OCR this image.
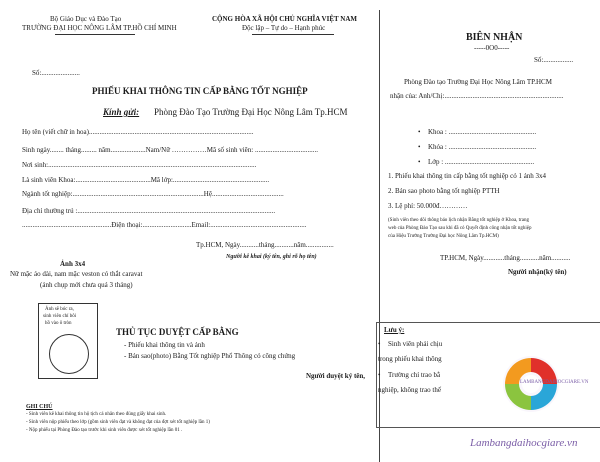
Bộ Giáo Dục và Đào Tạo
TRƯỜNG ĐẠI HỌC NÔNG LÂM TP.HỒ CHÍ MINH
CỘNG HÒA XÃ HỘI CHỦ NGHĨA VIỆT NAM
Độc lập – Tự do – Hạnh phúc
Số:......................
PHIẾU KHAI THÔNG TIN CẤP BẰNG TỐT NGHIỆP
Kính gửi: Phòng Đào Tạo Trường Đại Học Nông Lâm Tp.HCM
Họ tên (viết chữ in hoa)..............................................................................................
Sinh ngày........ tháng......... năm....................Nam/Nữ ……………Mã số sinh viên: ....................................
Nơi sinh:.......................................................................................................................
Là sinh viên Khoa:...........................................Mã lớp:.......................................................
Ngành tốt nghiệp:...........................................................................Hệ.........................................
Địa chỉ thường trú :.................................................................................................................
...................................................Điện thoại:............................Email:.......................................................
Tp.HCM, Ngày...........tháng...........năm................
Người kê khai (ký tên, ghi rõ họ tên)
Ảnh 3x4
Nữ mặc áo dài, nam mặc veston có thắt caravat
(ảnh chụp mới chưa quá 3 tháng)
Ảnh sẽ bóc ra,
sinh viên chỉ bôi
hồ vào ô tròn
THỦ TỤC DUYỆT CẤP BẰNG
- Phiếu khai thông tin và ảnh
- Bản sao(photo) Bằng Tốt nghiệp Phổ Thông có công chứng
Người duyệt ký tên,
GHI CHÚ
- Sinh viên kê khai thông tin hộ tịch cá nhân theo đúng giấy khai sinh.
- Sinh viên nộp phiếu theo lớp (gồm sinh viên đạt và không đạt của đợt xét tốt nghiệp lần 1)
- Nộp phiếu tại Phòng Đào tạo trước khi sinh viên được xét tốt nghiệp lần 01 .
BIÊN NHẬN
-----0O0-----
Số:.................
Phòng Đào tạo Trường Đại Học Nông Lâm TP.HCM
nhận của: Anh/Chị:....................................................................
• Khoa : ..................................................
• Khóa : ..................................................
• Lớp : ...................................................
1. Phiếu khai thông tin cấp bằng tốt nghiệp có 1 ảnh 3x4
2. Bản sao photo bằng tốt nghiệp PTTH
3. Lệ phí: 50.000đ…………
(Sinh viên theo dõi thông báo lịch nhận Bằng tốt nghiệp ở Khoa, trang
web của Phòng Đào Tạo sau khi đã có Quyết định công nhận tốt nghiệp
của Hiệu Trưởng Trường Đại học Nông Lâm Tp.HCM)
TP.HCM, Ngày............tháng...........năm...........
Người nhận(ký tên)
Lưu ý:
• Sinh viên phải chịu
trong phiếu khai thông
• Trường chỉ trao bằ
nghiệp, không trao thế
LAMBANGDAIHOCGIARE.VN
Lambangdaihocgiare.vn
